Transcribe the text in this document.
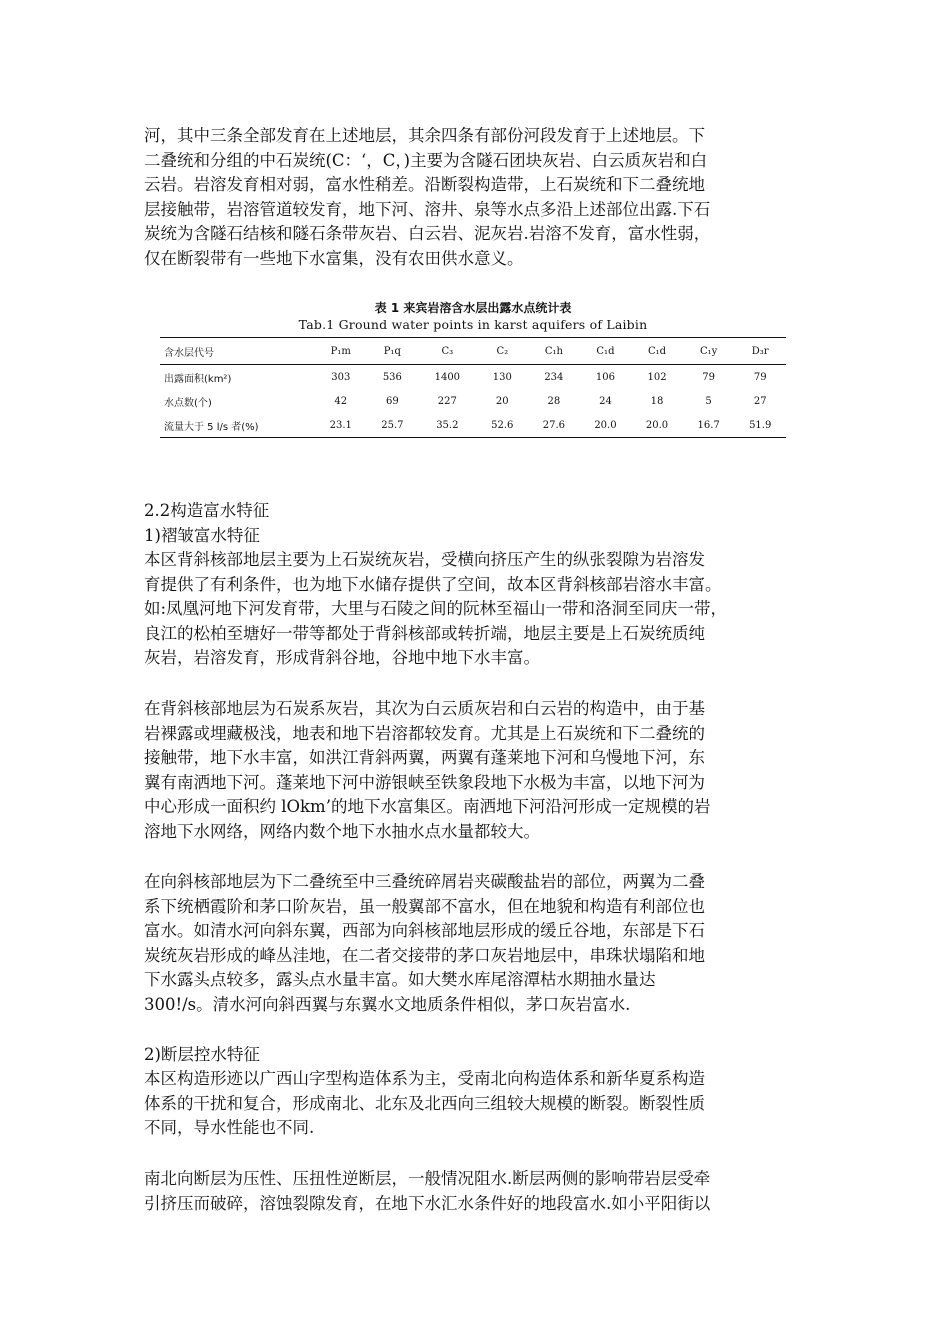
河，其中三条全部发育在上述地层，其余四条有部份河段发育于上述地层。下
二叠统和分组的中石炭统(C：‘，C，)主要为含隧石团块灰岩、白云质灰岩和白
云岩。岩溶发育相对弱，富水性稍差。沿断裂构造带，上石炭统和下二叠统地
层接触带，岩溶管道较发育，地下河、溶井、泉等水点多沿上述部位出露.下石
炭统为含隧石结核和隧石条带灰岩、白云岩、泥灰岩.岩溶不发育，富水性弱，
仅在断裂带有一些地下水富集，没有农田供水意义。
表 1 来宾岩溶含水层出露水点统计表
Tab.1 Ground water points in karst aquifers of Laibin
含水层代号	P₁m	P₁q	C₃	C₂	C₁h	C₁d	C₁d	C₁y	D₃r
出露面积(km²)	303	536	1400	130	234	106	102	79	79
水点数(个)	42	69	227	20	28	24	18	5	27
流量大于 5 l/s 者(%)	23.1	25.7	35.2	52.6	27.6	20.0	20.0	16.7	51.9
2.2构造富水特征
1)褶皱富水特征
本区背斜核部地层主要为上石炭统灰岩，受横向挤压产生的纵张裂隙为岩溶发
育提供了有利条件，也为地下水储存提供了空间，故本区背斜核部岩溶水丰富。
如:凤凰河地下河发育带，大里与石陵之间的阮林至福山一带和洛洞至同庆一带，
良江的松柏至塘好一带等都处于背斜核部或转折端，地层主要是上石炭统质纯
灰岩，岩溶发育，形成背斜谷地，谷地中地下水丰富。
在背斜核部地层为石炭系灰岩，其次为白云质灰岩和白云岩的构造中，由于基
岩裸露或埋藏极浅，地表和地下岩溶都较发育。尤其是上石炭统和下二叠统的
接触带，地下水丰富，如洪江背斜两翼，两翼有蓬莱地下河和乌慢地下河，东
翼有南洒地下河。蓬莱地下河中游银峡至铁象段地下水极为丰富，以地下河为
中心形成一面积约 lOkm’的地下水富集区。南洒地下河沿河形成一定规模的岩
溶地下水网络，网络内数个地下水抽水点水量都较大。
在向斜核部地层为下二叠统至中三叠统碎屑岩夹碳酸盐岩的部位，两翼为二叠
系下统栖霞阶和茅口阶灰岩，虽一般翼部不富水，但在地貌和构造有利部位也
富水。如清水河向斜东翼，西部为向斜核部地层形成的缓丘谷地，东部是下石
炭统灰岩形成的峰丛洼地，在二者交接带的茅口灰岩地层中，串珠状塌陷和地
下水露头点较多，露头点水量丰富。如大樊水库尾溶潭枯水期抽水量达
300!/s。清水河向斜西翼与东翼水文地质条件相似，茅口灰岩富水.
2)断层控水特征
本区构造形迹以广西山字型构造体系为主，受南北向构造体系和新华夏系构造
体系的干扰和复合，形成南北、北东及北西向三组较大规模的断裂。断裂性质
不同，导水性能也不同.
南北向断层为压性、压扭性逆断层，一般情况阻水.断层两侧的影响带岩层受牵
引挤压而破碎，溶蚀裂隙发育，在地下水汇水条件好的地段富水.如小平阳街以
